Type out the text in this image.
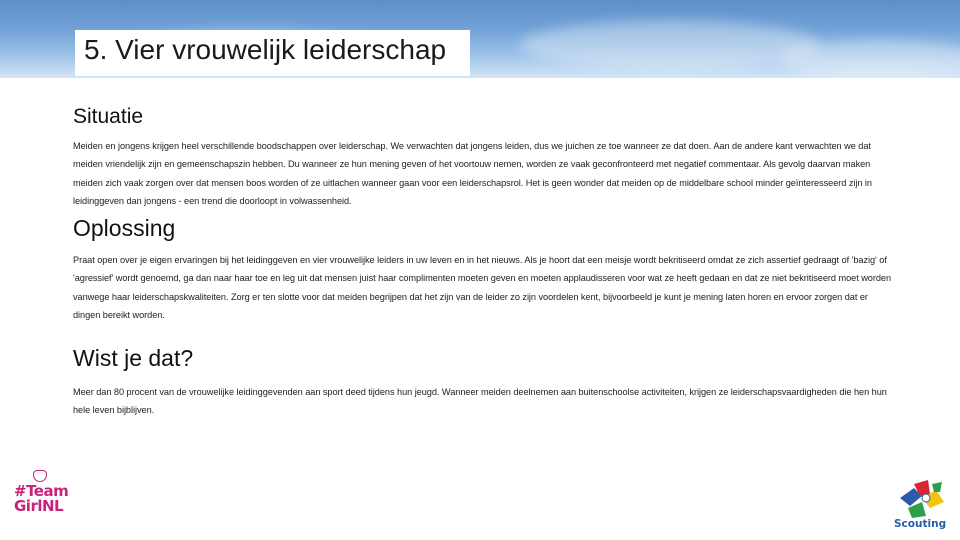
5. Vier vrouwelijk leiderschap
Situatie

Meiden en jongens krijgen heel verschillende boodschappen over leiderschap. We verwachten dat jongens leiden, dus we juichen ze toe wanneer ze dat doen. Aan de andere kant verwachten we dat meiden vriendelijk zijn en gemeenschapszin hebben. Du wanneer ze hun mening geven of het voortouw nemen, worden ze vaak geconfronteerd met negatief commentaar. Als gevolg daarvan maken meiden zich vaak zorgen over dat mensen boos worden of ze uitlachen wanneer gaan voor een leiderschapsrol. Het is geen wonder dat meiden op de middelbare school minder geïnteresseerd zijn in leidinggeven dan jongens - een trend die doorloopt in volwassenheid.

Oplossing

Praat open over je eigen ervaringen bij het leidinggeven en vier vrouwelijke leiders in uw leven en in het nieuws. Als je hoort dat een meisje wordt bekritiseerd omdat ze zich assertief gedraagt of 'bazig' of 'agressief' wordt genoemd, ga dan naar haar toe en leg uit dat mensen juist haar complimenten moeten geven en moeten applaudisseren voor wat ze heeft gedaan en dat ze niet bekritiseerd moet worden vanwege haar leiderschapskwaliteiten. Zorg er ten slotte voor dat meiden begrijpen dat het zijn van de leider zo zijn voordelen kent, bijvoorbeeld je kunt je mening laten horen en ervoor zorgen dat er dingen bereikt worden.

Wist je dat?

Meer dan 80 procent van de vrouwelijke leidinggevenden aan sport deed tijdens hun jeugd. Wanneer meiden deelnemen aan buitenschoolse activiteiten, krijgen ze leiderschapsvaardigheden die hen hun hele leven bijblijven.

#Team
GirlNL
Scouting
